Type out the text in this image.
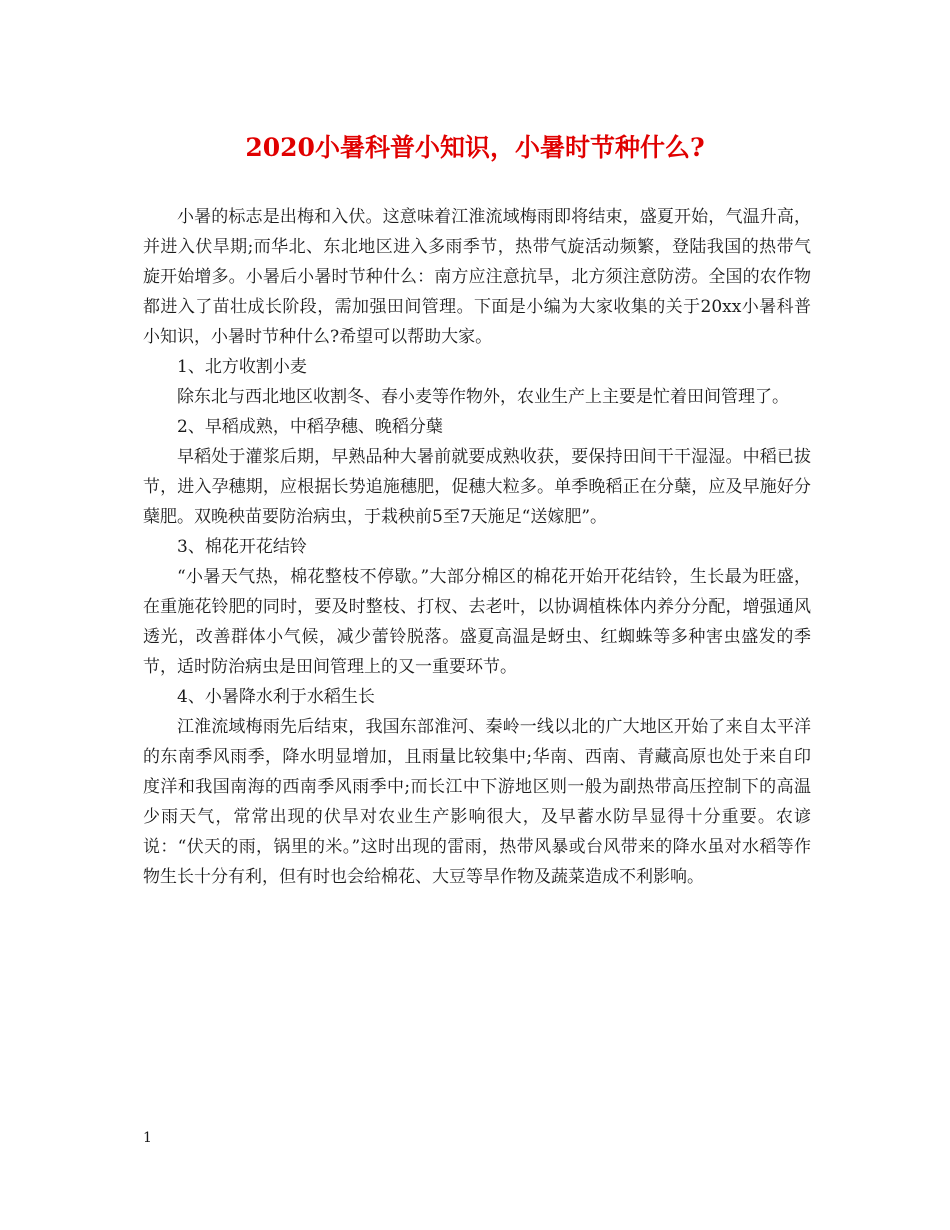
2020小暑科普小知识，小暑时节种什么?

小暑的标志是出梅和入伏。这意味着江淮流域梅雨即将结束，盛夏开始，气温升高，并进入伏旱期;而华北、东北地区进入多雨季节，热带气旋活动频繁，登陆我国的热带气旋开始增多。小暑后小暑时节种什么：南方应注意抗旱，北方须注意防涝。全国的农作物都进入了苗壮成长阶段，需加强田间管理。下面是小编为大家收集的关于20xx小暑科普小知识，小暑时节种什么?希望可以帮助大家。

1、北方收割小麦

除东北与西北地区收割冬、春小麦等作物外，农业生产上主要是忙着田间管理了。

2、早稻成熟，中稻孕穗、晚稻分蘖

早稻处于灌浆后期，早熟品种大暑前就要成熟收获，要保持田间干干湿湿。中稻已拔节，进入孕穗期，应根据长势追施穗肥，促穗大粒多。单季晚稻正在分蘖，应及早施好分蘖肥。双晚秧苗要防治病虫，于栽秧前5至7天施足“送嫁肥”。

3、棉花开花结铃

“小暑天气热，棉花整枝不停歇。”大部分棉区的棉花开始开花结铃，生长最为旺盛，在重施花铃肥的同时，要及时整枝、打杈、去老叶，以协调植株体内养分分配，增强通风透光，改善群体小气候，减少蕾铃脱落。盛夏高温是蚜虫、红蜘蛛等多种害虫盛发的季节，适时防治病虫是田间管理上的又一重要环节。

4、小暑降水利于水稻生长

江淮流域梅雨先后结束，我国东部淮河、秦岭一线以北的广大地区开始了来自太平洋的东南季风雨季，降水明显增加，且雨量比较集中;华南、西南、青藏高原也处于来自印度洋和我国南海的西南季风雨季中;而长江中下游地区则一般为副热带高压控制下的高温少雨天气，常常出现的伏旱对农业生产影响很大，及早蓄水防旱显得十分重要。农谚说：“伏天的雨，锅里的米。”这时出现的雷雨，热带风暴或台风带来的降水虽对水稻等作物生长十分有利，但有时也会给棉花、大豆等旱作物及蔬菜造成不利影响。

1
